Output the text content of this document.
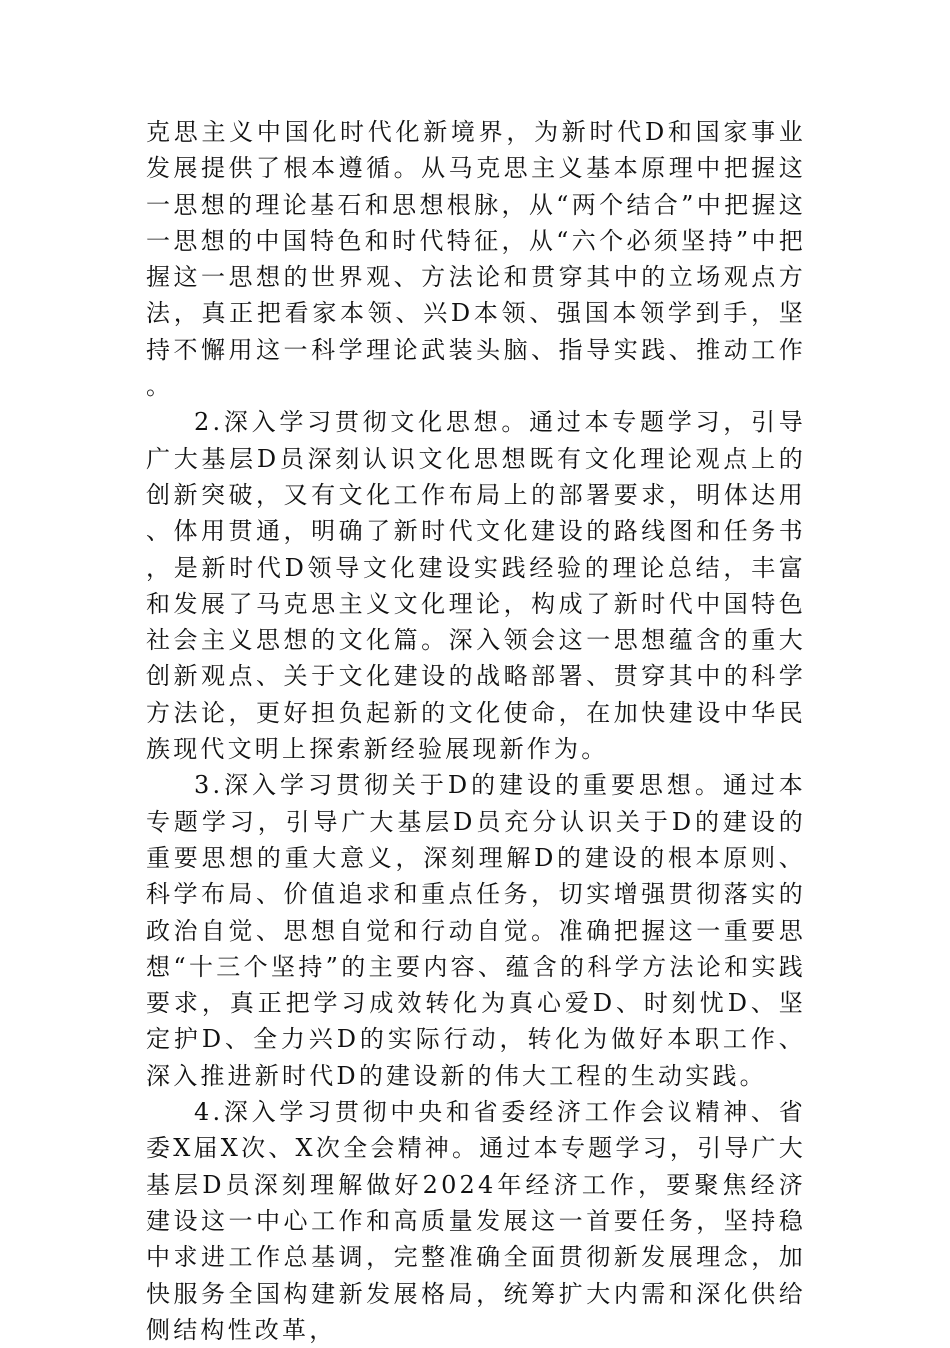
克思主义中国化时代化新境界，为新时代D和国家事业发展提供了根本遵循。从马克思主义基本原理中把握这一思想的理论基石和思想根脉，从“两个结合”中把握这一思想的中国特色和时代特征，从“六个必须坚持”中把握这一思想的世界观、方法论和贯穿其中的立场观点方法，真正把看家本领、兴D本领、强国本领学到手，坚持不懈用这一科学理论武装头脑、指导实践、推动工作。

2.深入学习贯彻文化思想。通过本专题学习，引导广大基层D员深刻认识文化思想既有文化理论观点上的创新突破，又有文化工作布局上的部署要求，明体达用、体用贯通，明确了新时代文化建设的路线图和任务书，是新时代D领导文化建设实践经验的理论总结，丰富和发展了马克思主义文化理论，构成了新时代中国特色社会主义思想的文化篇。深入领会这一思想蕴含的重大创新观点、关于文化建设的战略部署、贯穿其中的科学方法论，更好担负起新的文化使命，在加快建设中华民族现代文明上探索新经验展现新作为。

3.深入学习贯彻关于D的建设的重要思想。通过本专题学习，引导广大基层D员充分认识关于D的建设的重要思想的重大意义，深刻理解D的建设的根本原则、科学布局、价值追求和重点任务，切实增强贯彻落实的政治自觉、思想自觉和行动自觉。准确把握这一重要思想“十三个坚持”的主要内容、蕴含的科学方法论和实践要求，真正把学习成效转化为真心爱D、时刻忧D、坚定护D、全力兴D的实际行动，转化为做好本职工作、深入推进新时代D的建设新的伟大工程的生动实践。

4.深入学习贯彻中央和省委经济工作会议精神、省委X届X次、X次全会精神。通过本专题学习，引导广大基层D员深刻理解做好2024年经济工作，要聚焦经济建设这一中心工作和高质量发展这一首要任务，坚持稳中求进工作总基调，完整准确全面贯彻新发展理念，加快服务全国构建新发展格局，统筹扩大内需和深化供给侧结构性改革，
